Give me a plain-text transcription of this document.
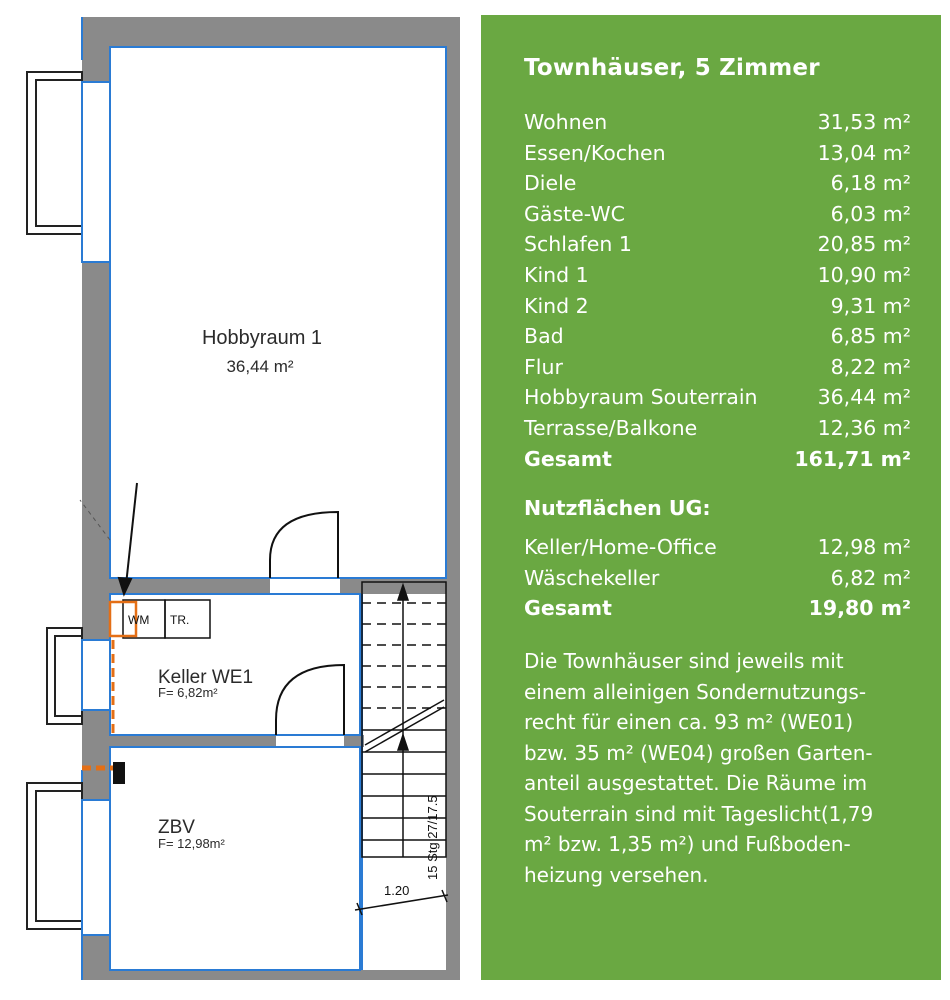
Hobbyraum 1
36,44 m²
Keller WE1
F= 6,82m²
ZBV
F= 12,98m²
WM TR.
15 Stg 27/17.5
1.20
Townhäuser, 5 Zimmer
Wohnen	31,53 m²
Essen/Kochen	13,04 m²
Diele	6,18 m²
Gäste-WC	6,03 m²
Schlafen 1	20,85 m²
Kind 1	10,90 m²
Kind 2	9,31 m²
Bad	6,85 m²
Flur	8,22 m²
Hobbyraum Souterrain	36,44 m²
Terrasse/Balkone	12,36 m²
Gesamt	161,71 m²
Nutzflächen UG:
Keller/Home-Office	12,98 m²
Wäschekeller	6,82 m²
Gesamt	19,80 m²
Die Townhäuser sind jeweils mit
einem alleinigen Sondernutzungs-
recht für einen ca. 93 m² (WE01)
bzw. 35 m² (WE04) großen Garten-
anteil ausgestattet. Die Räume im
Souterrain sind mit Tageslicht(1,79
m² bzw. 1,35 m²) und Fußboden-
heizung versehen.
